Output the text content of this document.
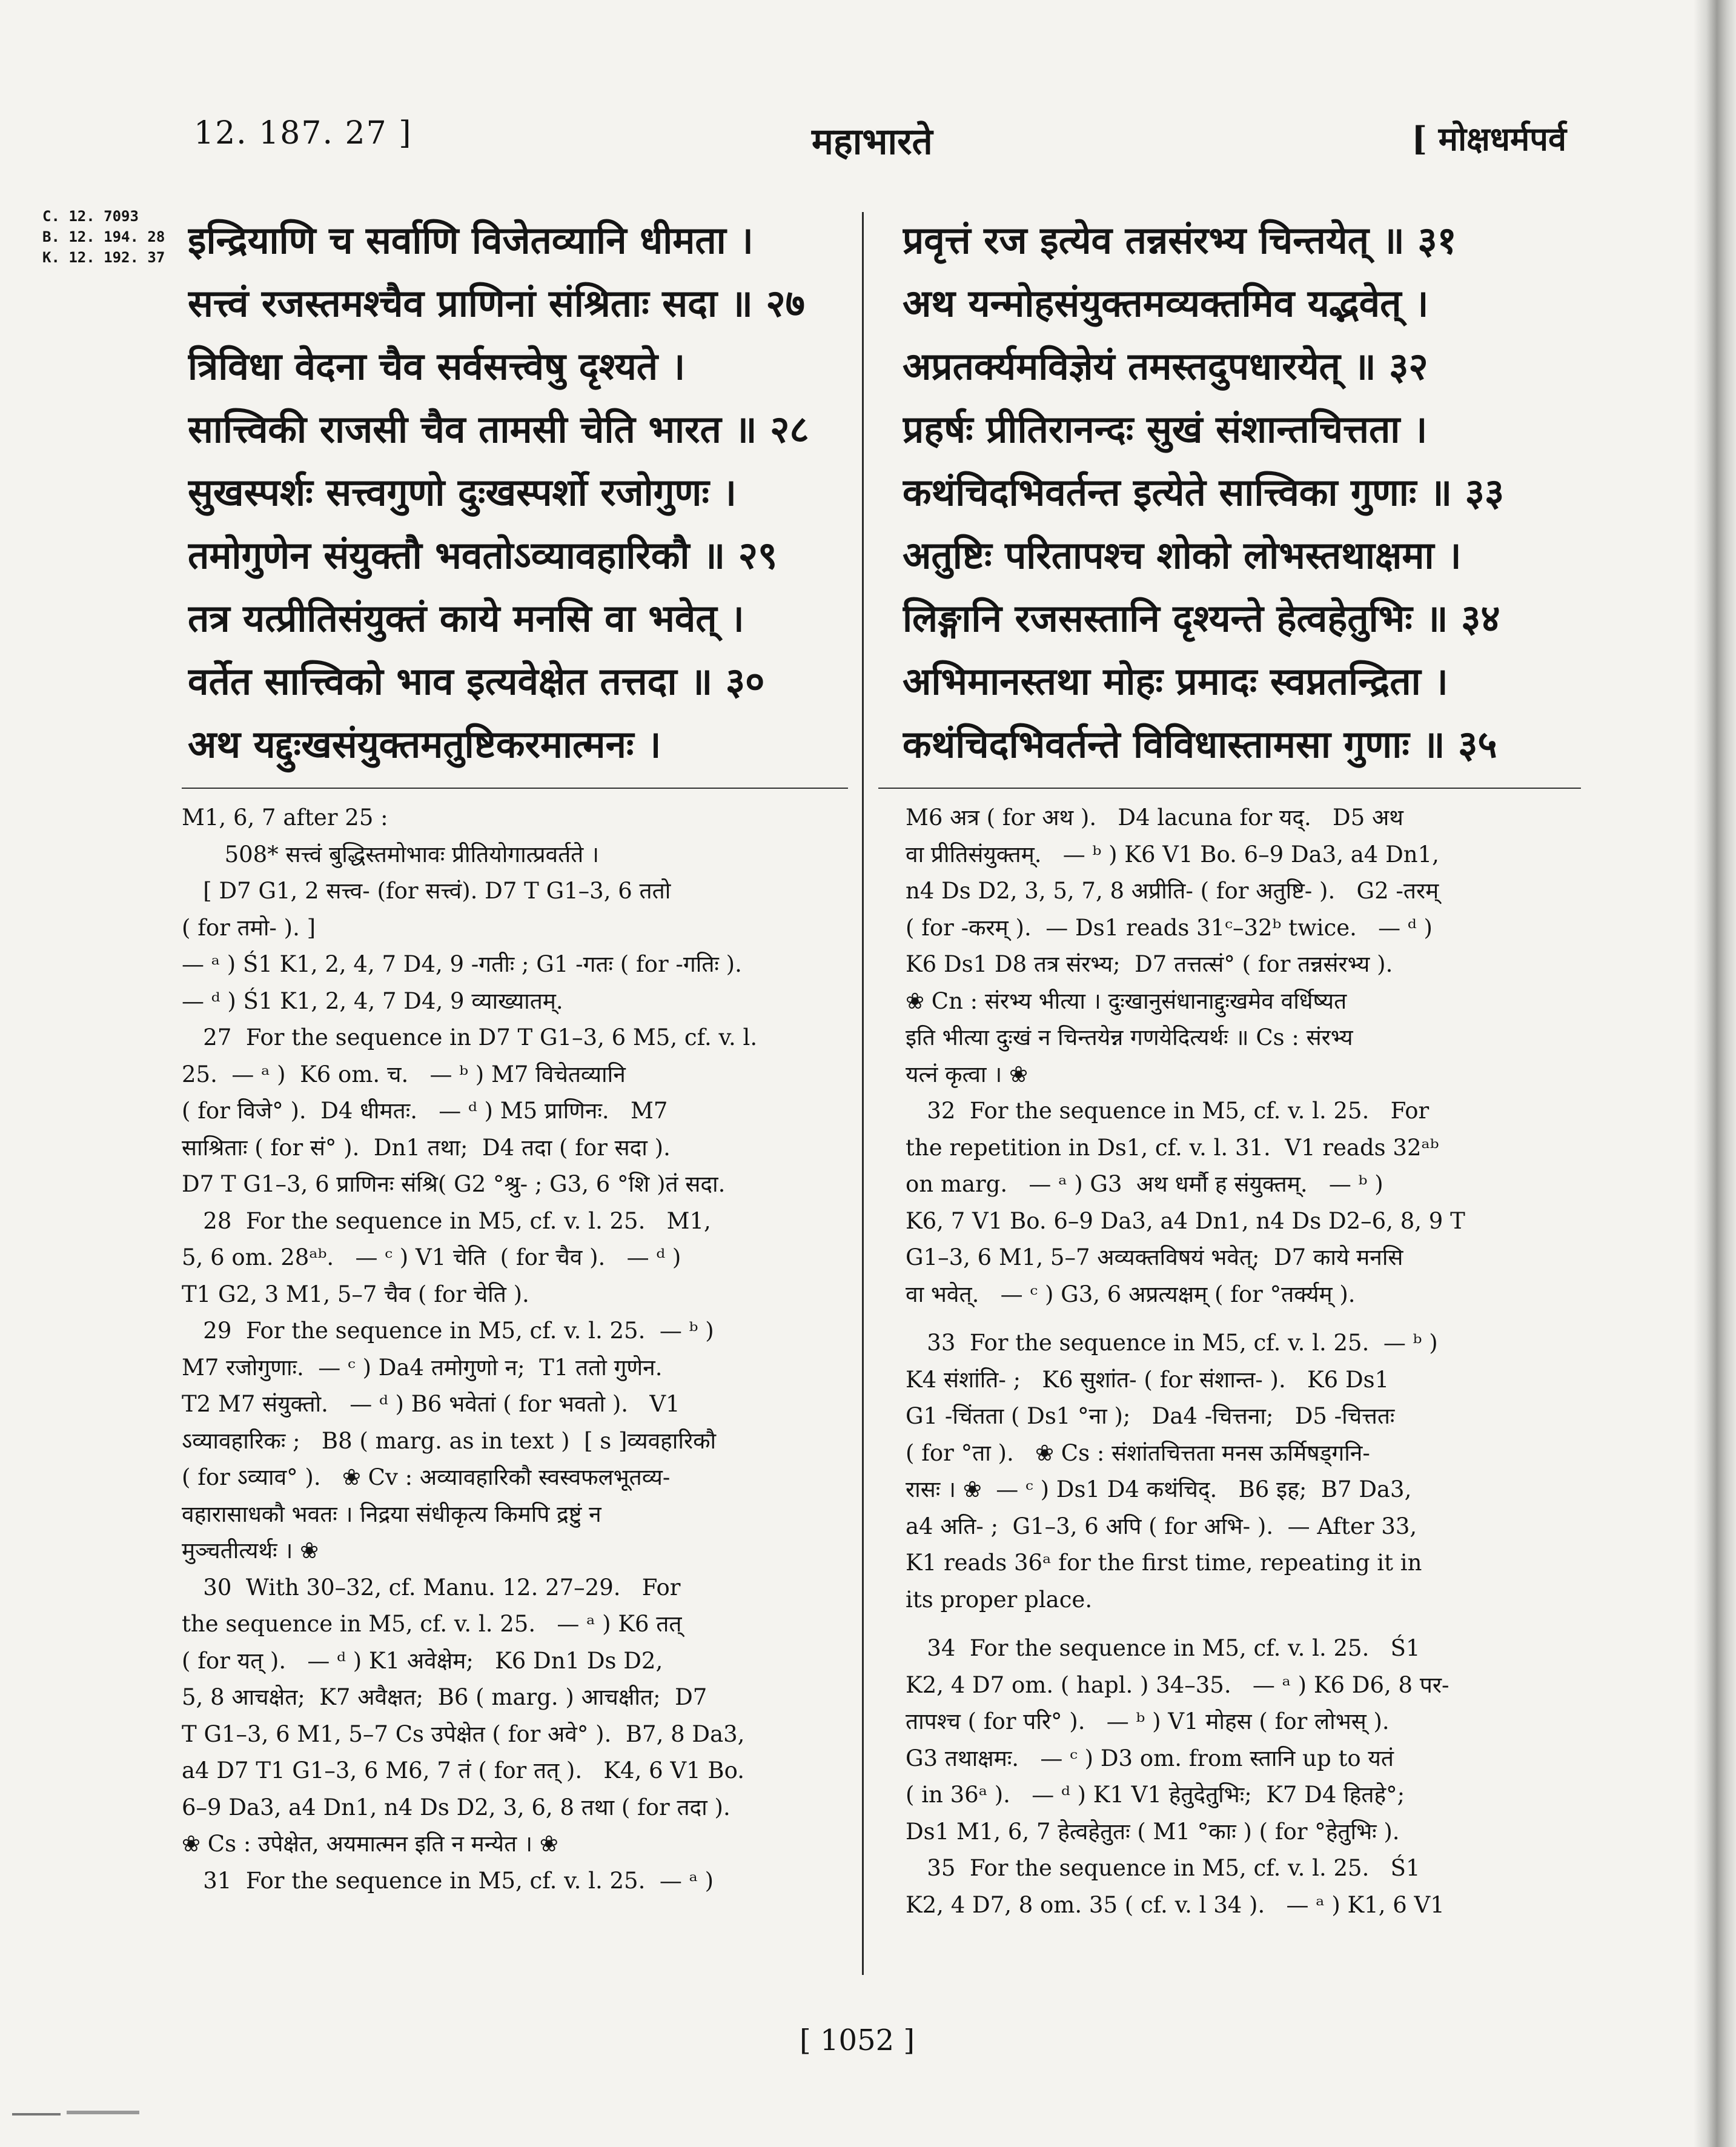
12. 187. 27 ]	महाभारते	[ मोक्षधर्मपर्व
C. 12. 7093
B. 12. 194. 28
K. 12. 192. 37 इन्द्रियाणि च सर्वाणि विजेतव्यानि धीमता ।
सत्त्वं रजस्तमश्चैव प्राणिनां संश्रिताः सदा ॥ २७
त्रिविधा वेदना चैव सर्वसत्त्वेषु दृश्यते ।
सात्त्विकी राजसी चैव तामसी चेति भारत ॥ २८
सुखस्पर्शः सत्त्वगुणो दुःखस्पर्शो रजोगुणः ।
तमोगुणेन संयुक्तौ भवतोऽव्यावहारिकौ ॥ २९
तत्र यत्प्रीतिसंयुक्तं काये मनसि वा भवेत् ।
वर्तेत सात्त्विको भाव इत्यवेक्षेत तत्तदा ॥ ३०
अथ यद्दुःखसंयुक्तमतुष्टिकरमात्मनः ।
प्रवृत्तं रज इत्येव तन्नसंरभ्य चिन्तयेत् ॥ ३१
अथ यन्मोहसंयुक्तमव्यक्तमिव यद्भवेत् ।
अप्रतर्क्यमविज्ञेयं तमस्तदुपधारयेत् ॥ ३२
प्रहर्षः प्रीतिरानन्दः सुखं संशान्तचित्तता ।
कथंचिदभिवर्तन्त इत्येते सात्त्विका गुणाः ॥ ३३
अतुष्टिः परितापश्च शोको लोभस्तथाक्षमा ।
लिङ्गानि रजसस्तानि दृश्यन्ते हेत्वहेतुभिः ॥ ३४
अभिमानस्तथा मोहः प्रमादः स्वप्नतन्द्रिता ।
कथंचिदभिवर्तन्ते विविधास्तामसा गुणाः ॥ ३५
M1, 6, 7 after 25 :
508* सत्त्वं बुद्धिस्तमोभावः प्रीतियोगात्प्रवर्तते ।
[ D7 G1, 2 सत्त्व- (for सत्त्वं). D7 T G1–3, 6 ततो
( for तमो- ). ]
— ᵃ ) Ś1 K1, 2, 4, 7 D4, 9 -गतीः ; G1 -गतः ( for -गतिः ).
— ᵈ ) Ś1 K1, 2, 4, 7 D4, 9 व्याख्यातम्.
27  For the sequence in D7 T G1–3, 6 M5, cf. v. l.
25.  — ᵃ )  K6 om. च.   — ᵇ ) M7 विचेतव्यानि
( for विजे° ).  D4 धीमतः.   — ᵈ ) M5 प्राणिनः.   M7
साश्रिताः ( for सं° ).  Dn1 तथा;  D4 तदा ( for सदा ).
D7 T G1–3, 6 प्राणिनः संश्रि( G2 °श्रु- ; G3, 6 °शि )तं सदा.
28  For the sequence in M5, cf. v. l. 25.   M1,
5, 6 om. 28ᵃᵇ.   — ᶜ ) V1 चेति  ( for चैव ).   — ᵈ )
T1 G2, 3 M1, 5–7 चैव ( for चेति ).
29  For the sequence in M5, cf. v. l. 25.  — ᵇ )
M7 रजोगुणाः.  — ᶜ ) Da4 तमोगुणो न;  T1 ततो गुणेन.
T2 M7 संयुक्तो.   — ᵈ ) B6 भवेतां ( for भवतो ).   V1
ऽव्यावहारिकः ;   B8 ( marg. as in text )  [ s ]व्यवहारिकौ
( for ऽव्याव° ).   ❀ Cv : अव्यावहारिकौ स्वस्वफलभूतव्य-
वहारासाधकौ भवतः । निद्रया संधीकृत्य किमपि द्रष्टुं न
मुञ्चतीत्यर्थः । ❀
30  With 30–32, cf. Manu. 12. 27–29.   For
the sequence in M5, cf. v. l. 25.   — ᵃ ) K6 तत्
( for यत् ).   — ᵈ ) K1 अवेक्षेम;   K6 Dn1 Ds D2,
5, 8 आचक्षेत;  K7 अवैक्षत;  B6 ( marg. ) आचक्षीत;  D7
T G1–3, 6 M1, 5–7 Cs उपेक्षेत ( for अवे° ).  B7, 8 Da3,
a4 D7 T1 G1–3, 6 M6, 7 तं ( for तत् ).   K4, 6 V1 Bo.
6–9 Da3, a4 Dn1, n4 Ds D2, 3, 6, 8 तथा ( for तदा ).
❀ Cs : उपेक्षेत, अयमात्मन इति न मन्येत । ❀
31  For the sequence in M5, cf. v. l. 25.  — ᵃ )
M6 अत्र ( for अथ ).   D4 lacuna for यद्.   D5 अथ
वा प्रीतिसंयुक्तम्.   — ᵇ ) K6 V1 Bo. 6–9 Da3, a4 Dn1,
n4 Ds D2, 3, 5, 7, 8 अप्रीति- ( for अतुष्टि- ).   G2 -तरम्
( for -करम् ).  — Ds1 reads 31ᶜ–32ᵇ twice.   — ᵈ )
K6 Ds1 D8 तत्र संरभ्य;  D7 तत्तत्सं° ( for तन्नसंरभ्य ).
❀ Cn : संरभ्य भीत्या । दुःखानुसंधानाद्दुःखमेव वर्धिष्यत
इति भीत्या दुःखं न चिन्तयेन्न गणयेदित्यर्थः ॥ Cs : संरभ्य
यत्नं कृत्वा । ❀
32  For the sequence in M5, cf. v. l. 25.   For
the repetition in Ds1, cf. v. l. 31.  V1 reads 32ᵃᵇ
on marg.   — ᵃ ) G3  अथ धर्मौ ह संयुक्तम्.   — ᵇ )
K6, 7 V1 Bo. 6–9 Da3, a4 Dn1, n4 Ds D2–6, 8, 9 T
G1–3, 6 M1, 5–7 अव्यक्तविषयं भवेत्;  D7 काये मनसि
वा भवेत्.   — ᶜ ) G3, 6 अप्रत्यक्षम् ( for °तर्क्यम् ).
33  For the sequence in M5, cf. v. l. 25.  — ᵇ )
K4 संशांति- ;   K6 सुशांत- ( for संशान्त- ).   K6 Ds1
G1 -चिंतता ( Ds1 °ना );   Da4 -चित्तना;   D5 -चित्ततः
( for °ता ).   ❀ Cs : संशांतचित्तता मनस ऊर्मिषड्गनि-
रासः । ❀  — ᶜ ) Ds1 D4 कथंचिद्.   B6 इह;  B7 Da3,
a4 अति- ;  G1–3, 6 अपि ( for अभि- ).  — After 33,
K1 reads 36ᵃ for the first time, repeating it in
its proper place.
34  For the sequence in M5, cf. v. l. 25.   Ś1
K2, 4 D7 om. ( hapl. ) 34–35.   — ᵃ ) K6 D6, 8 पर-
तापश्च ( for परि° ).   — ᵇ ) V1 मोहस ( for लोभस् ).
G3 तथाक्षमः.   — ᶜ ) D3 om. from स्तानि up to यतं
( in 36ᵃ ).   — ᵈ ) K1 V1 हेतुदेतुभिः;  K7 D4 हितहे°;
Ds1 M1, 6, 7 हेत्वहेतुतः ( M1 °काः ) ( for °हेतुभिः ).
35  For the sequence in M5, cf. v. l. 25.   Ś1
K2, 4 D7, 8 om. 35 ( cf. v. l 34 ).   — ᵃ ) K1, 6 V1
[ 1052 ]
